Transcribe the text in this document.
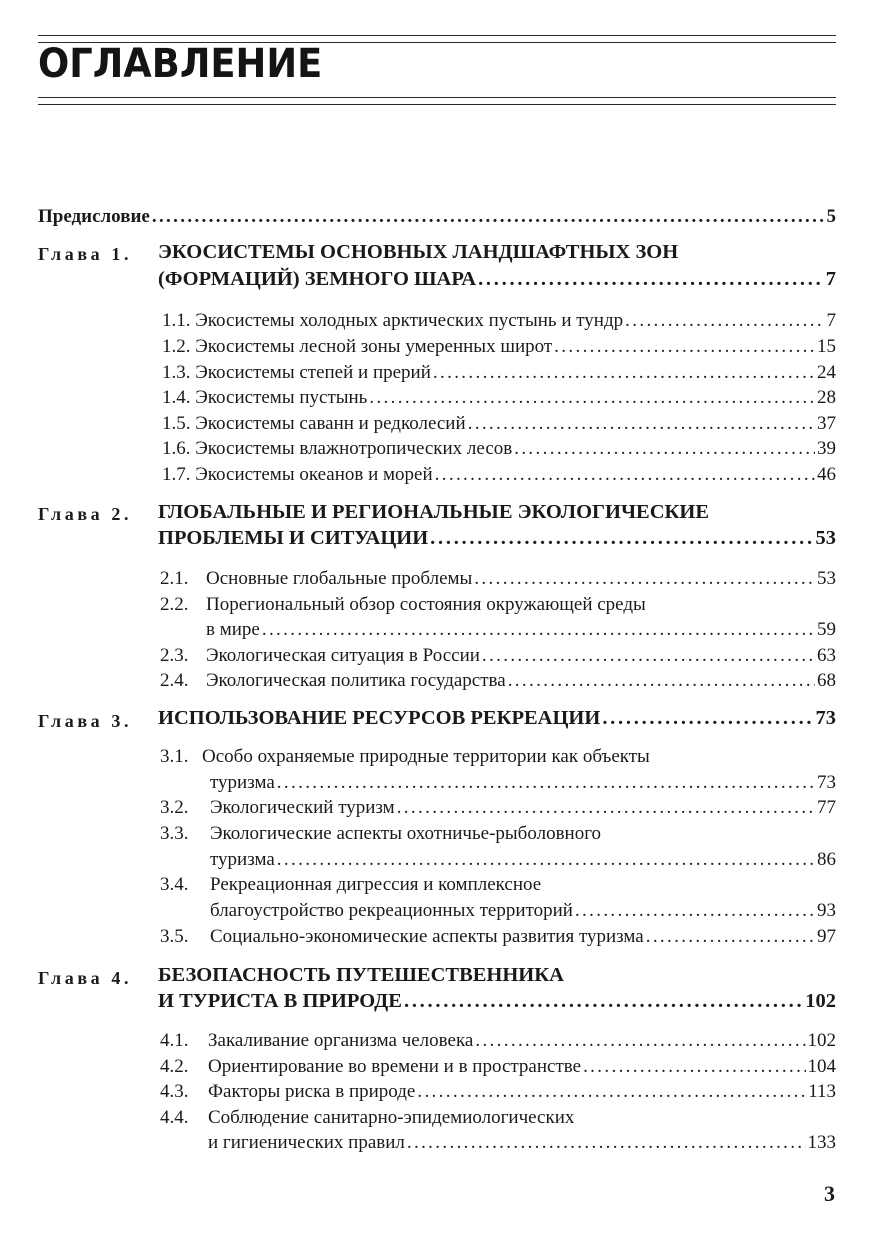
ОГЛАВЛЕНИЕ
Предисловие . . .	5
Глава 1. ЭКОСИСТЕМЫ ОСНОВНЫХ ЛАНДШАФТНЫХ ЗОН
(ФОРМАЦИЙ) ЗЕМНОГО ШАРА . . .	7
1.1. Экосистемы холодных арктических пустынь и тундр . . .	7
1.2. Экосистемы лесной зоны умеренных широт . . .	15
1.3. Экосистемы степей и прерий . . .	24
1.4. Экосистемы пустынь . . .	28
1.5. Экосистемы саванн и редколесий . . .	37
1.6. Экосистемы влажнотропических лесов . . .	39
1.7. Экосистемы океанов и морей . . .	46
Глава 2. ГЛОБАЛЬНЫЕ И РЕГИОНАЛЬНЫЕ ЭКОЛОГИЧЕСКИЕ
ПРОБЛЕМЫ И СИТУАЦИИ . . .	53
2.1. Основные глобальные проблемы . . .	53
2.2. Порегиональный обзор состояния окружающей среды
в мире . . .	59
2.3. Экологическая ситуация в России . . .	63
2.4. Экологическая политика государства . . .	68
Глава 3. ИСПОЛЬЗОВАНИЕ РЕСУРСОВ РЕКРЕАЦИИ . . .	73
3.1. Особо охраняемые природные территории как объекты
туризма . . .	73
3.2. Экологический туризм . . .	77
3.3. Экологические аспекты охотничье-рыболовного
туризма . . .	86
3.4. Рекреационная дигрессия и комплексное
благоустройство рекреационных территорий . . .	93
3.5. Социально-экономические аспекты развития туризма . . .	97
Глава 4. БЕЗОПАСНОСТЬ ПУТЕШЕСТВЕННИКА
И ТУРИСТА В ПРИРОДЕ . . .	102
4.1. Закаливание организма человека . . .	102
4.2. Ориентирование во времени и в пространстве . . .	104
4.3. Факторы риска в природе . . .	113
4.4. Соблюдение санитарно-эпидемиологических
и гигиенических правил . . .	133
3
